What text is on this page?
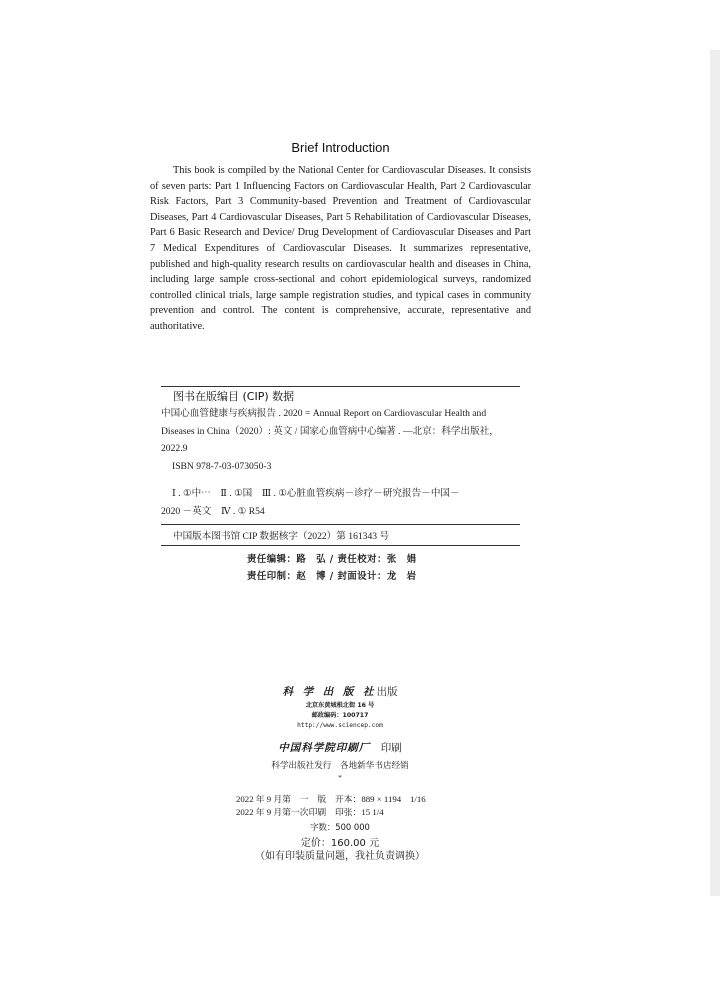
Brief Introduction

This book is compiled by the National Center for Cardiovascular Diseases. It consists of seven parts: Part 1 Influencing Factors on Cardiovascular Health, Part 2 Cardiovascular Risk Factors, Part 3 Community-based Prevention and Treatment of Cardiovascular Diseases, Part 4 Cardiovascular Diseases, Part 5 Rehabilitation of Cardiovascular Diseases, Part 6 Basic Research and Device/ Drug Development of Cardiovascular Diseases and Part 7 Medical Expenditures of Cardiovascular Diseases. It summarizes representative, published and high-quality research results on cardiovascular health and diseases in China, including large sample cross-sectional and cohort epidemiological surveys, randomized controlled clinical trials, large sample registration studies, and typical cases in community prevention and control. The content is comprehensive, accurate, representative and authoritative.

图书在版编目 (CIP) 数据
中国心血管健康与疾病报告 . 2020 = Annual Report on Cardiovascular Health and Diseases in China（2020）: 英文 / 国家心血管病中心编著 . —北京：科学出版社，2022.9
ISBN 978-7-03-073050-3
Ⅰ . ①中⋯　Ⅱ . ①国　Ⅲ . ①心脏血管疾病－诊疗－研究报告－中国－
2020 －英文　Ⅳ . ① R54
中国版本图书馆 CIP 数据核字（2022）第 161343 号
责任编辑：路　弘 / 责任校对：张　娟
责任印制：赵　博 / 封面设计：龙　岩
科 学 出 版 社出版
北京东黄城根北街 16 号
邮政编码：100717
http://www.sciencep.com
中国科学院印刷厂　 印刷
科学出版社发行　各地新华书店经销
*
2022 年 9 月第　一　版　开本：889 × 1194　1/16
2022 年 9 月第一次印刷　印张：15 1/4
字数：500 000
定价：160.00 元
（如有印装质量问题，我社负责调换）
